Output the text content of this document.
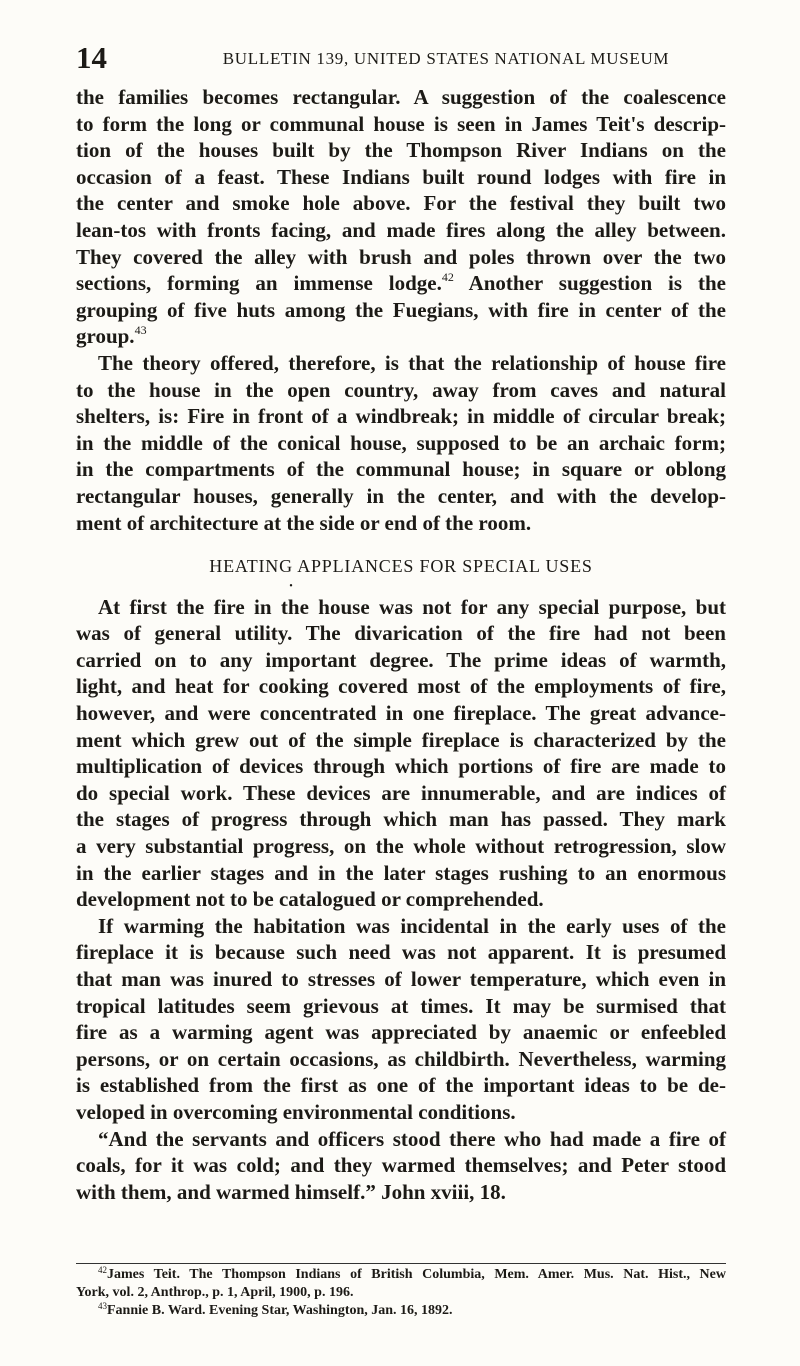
14	BULLETIN 139, UNITED STATES NATIONAL MUSEUM
the families becomes rectangular. A suggestion of the coalescence
to form the long or communal house is seen in James Teit's descrip-
tion of the houses built by the Thompson River Indians on the
occasion of a feast. These Indians built round lodges with fire in
the center and smoke hole above. For the festival they built two
lean-tos with fronts facing, and made fires along the alley between.
They covered the alley with brush and poles thrown over the two
sections, forming an immense lodge.$^{42}$ Another suggestion is the
grouping of five huts among the Fuegians, with fire in center of the
group.$^{43}$
The theory offered, therefore, is that the relationship of house fire
to the house in the open country, away from caves and natural
shelters, is: Fire in front of a windbreak; in middle of circular break;
in the middle of the conical house, supposed to be an archaic form;
in the compartments of the communal house; in square or oblong
rectangular houses, generally in the center, and with the develop-
ment of architecture at the side or end of the room.
HEATING APPLIANCES FOR SPECIAL USES
•
At first the fire in the house was not for any special purpose, but
was of general utility. The divarication of the fire had not been
carried on to any important degree. The prime ideas of warmth,
light, and heat for cooking covered most of the employments of fire,
however, and were concentrated in one fireplace. The great advance-
ment which grew out of the simple fireplace is characterized by the
multiplication of devices through which portions of fire are made to
do special work. These devices are innumerable, and are indices of
the stages of progress through which man has passed. They mark
a very substantial progress, on the whole without retrogression, slow
in the earlier stages and in the later stages rushing to an enormous
development not to be catalogued or comprehended.
If warming the habitation was incidental in the early uses of the
fireplace it is because such need was not apparent. It is presumed
that man was inured to stresses of lower temperature, which even in
tropical latitudes seem grievous at times. It may be surmised that
fire as a warming agent was appreciated by anaemic or enfeebled
persons, or on certain occasions, as childbirth. Nevertheless, warming
is established from the first as one of the important ideas to be de-
veloped in overcoming environmental conditions.
“And the servants and officers stood there who had made a fire of
coals, for it was cold; and they warmed themselves; and Peter stood
with them, and warmed himself.” John xviii, 18.
$^{42}$James Teit. The Thompson Indians of British Columbia, Mem. Amer. Mus. Nat. Hist., New
York, vol. 2, Anthrop., p. 1, April, 1900, p. 196.
$^{43}$Fannie B. Ward. Evening Star, Washington, Jan. 16, 1892.
